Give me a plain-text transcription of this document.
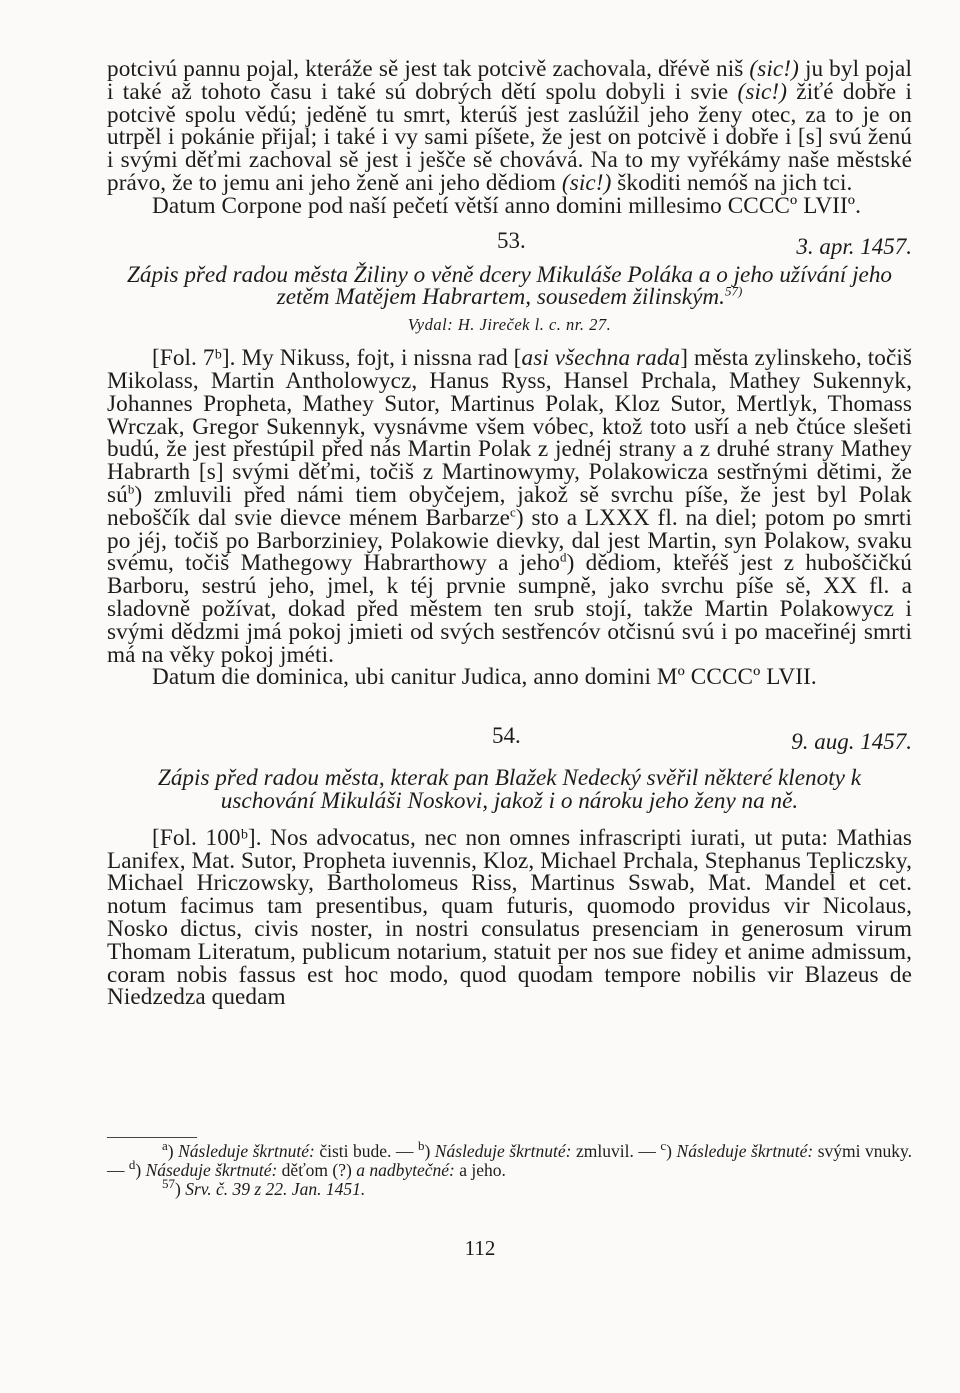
potcivú pannu pojal, kteráže sě jest tak potcivě zachovala, dřévě niš (sic!) ju byl pojal i také až tohoto času i také sú dobrých dětí spolu dobyli i svie (sic!) žiťé dobře i potcivě spolu vědú; jeděně tu smrt, kterúš jest zaslúžil jeho ženy otec, za to je on utrpěl i pokánie přijal; i také i vy sami píšete, že jest on potcivě i dobře i [s] svú ženú i svými děťmi zachoval sě jest i ješče sě chovává. Na to my vyřékámy naše městské právo, že to jemu ani jeho ženě ani jeho dědiom (sic!) škoditi nemóš na jich tci.

Datum Corpone pod naší pečetí větší anno domini millesimo CCCCº LVIIº.

53.	3. apr. 1457.

Zápis před radou města Žiliny o věně dcery Mikuláše Poláka a o jeho užívání jeho zetěm Matějem Habrartem, sousedem žilinským.$^{57)}$

Vydal: H. Jireček l. c. nr. 27.

[Fol. 7ᵇ]. My Nikuss, fojt, i nissna rad [asi všechna rada] města zylinskeho, točiš Mikolass, Martin Antholowycz, Hanus Ryss, Hansel Prchala, Mathey Sukennyk, Johannes Propheta, Mathey Sutor, Martinus Polak, Kloz Sutor, Mertlyk, Thomass Wrczak, Gregor Sukennyk, vysnávme všem vóbec, ktož toto usří a neb čtúce slešeti budú, že jest přestúpil před nás Martin Polak z jednéj strany a z druhé strany Mathey Habrarth [s] svými děťmi, točiš z Martinowymy, Polakowicza sestřnými dětimi, že $sú^b$) zmluvili před námi tiem obyčejem, jakož sě svrchu píše, že jest byl Polak neboščík dal svie dievce ménem Barbarze$^c$) sto a LXXX fl. na diel; potom po smrti po jéj, točiš po Barborziniey, Polakowie dievky, dal jest Martin, syn Polakow, svaku svému, točiš Mathegowy Habrarthowy a jeho$^d$) dědiom, kteřéš jest z huboščičkú Barboru, sestrú jeho, jmel, k téj prvnie sumpně, jako svrchu píše sě, XX fl. a sladovně požívat, dokad před městem ten srub stojí, takže Martin Polakowycz i svými dědzmi jmá pokoj jmieti od svých sestřencóv otčisnú svú i po maceřinéj smrti má na věky pokoj jméti.

Datum die dominica, ubi canitur Judica, anno domini Mº CCCCº LVII.

54.	9. aug. 1457.

Zápis před radou města, kterak pan Blažek Nedecký svěřil některé klenoty k uschování Mikuláši Noskovi, jakož i o nároku jeho ženy na ně.

[Fol. 100ᵇ]. Nos advocatus, nec non omnes infrascripti iurati, ut puta: Mathias Lanifex, Mat. Sutor, Propheta iuvennis, Kloz, Michael Prchala, Stephanus Tepliczsky, Michael Hriczowsky, Bartholomeus Riss, Martinus Sswab, Mat. Mandel et cet. notum facimus tam presentibus, quam futuris, quomodo providus vir Nicolaus, Nosko dictus, civis noster, in nostri consulatus presenciam in generosum virum Thomam Literatum, publicum notarium, statuit per nos sue fidey et anime admissum, coram nobis fassus est hoc modo, quod quodam tempore nobilis vir Blazeus de Niedzedza quedam

$^a$) Následuje škrtnuté: čisti bude. — $^b$) Následuje škrtnuté: zmluvil. — $^c$) Následuje škrtnuté: svými vnuky. — $^d$) Náseduje škrtnuté: děťom (?) a nadbytečné: a jeho.

$^{57}$) Srv. č. 39 z 22. Jan. 1451.

112
